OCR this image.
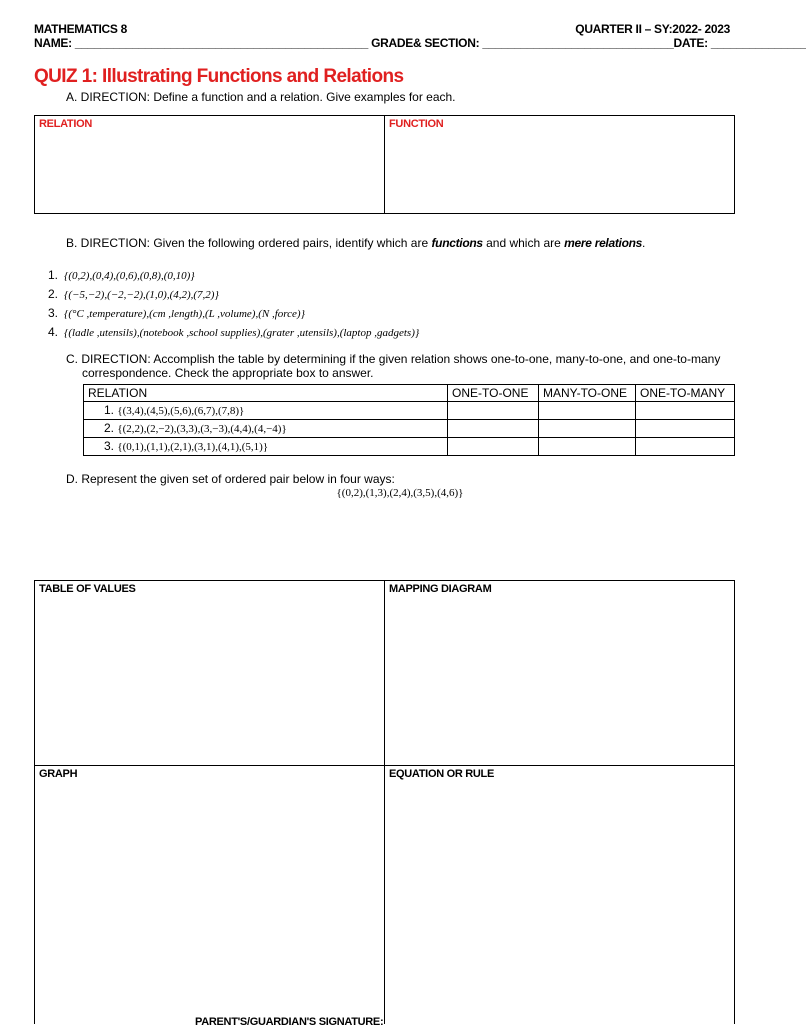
MATHEMATICS 8	QUARTER II – SY:2022- 2023
NAME: ______________________________________________ GRADE& SECTION: ______________________________DATE: _______________
QUIZ 1: Illustrating Functions and Relations
A. DIRECTION: Define a function and a relation. Give examples for each.
RELATION	FUNCTION
B. DIRECTION: Given the following ordered pairs, identify which are functions and which are mere relations.
1. {(0,2),(0,4),(0,6),(0,8),(0,10)}
2. {(−5,−2),(−2,−2),(1,0),(4,2),(7,2)}
3. {(°C ,temperature),(cm ,length),(L ,volume),(N ,force)}
4. {(ladle ,utensils),(notebook ,school supplies),(grater ,utensils),(laptop ,gadgets)}
C. DIRECTION: Accomplish the table by determining if the given relation shows one-to-one, many-to-one, and one-to-many
correspondence. Check the appropriate box to answer.
RELATION	ONE-TO-ONE	MANY-TO-ONE	ONE-TO-MANY
1. {(3,4),(4,5),(5,6),(6,7),(7,8)}			
2. {(2,2),(2,−2),(3,3),(3,−3),(4,4),(4,−4)}			
3. {(0,1),(1,1),(2,1),(3,1),(4,1),(5,1)}			
D. Represent the given set of ordered pair below in four ways:
{(0,2),(1,3),(2,4),(3,5),(4,6)}
TABLE OF VALUES	MAPPING DIAGRAM
GRAPH	EQUATION OR RULE
PARENT'S/GUARDIAN'S SIGNATURE:
